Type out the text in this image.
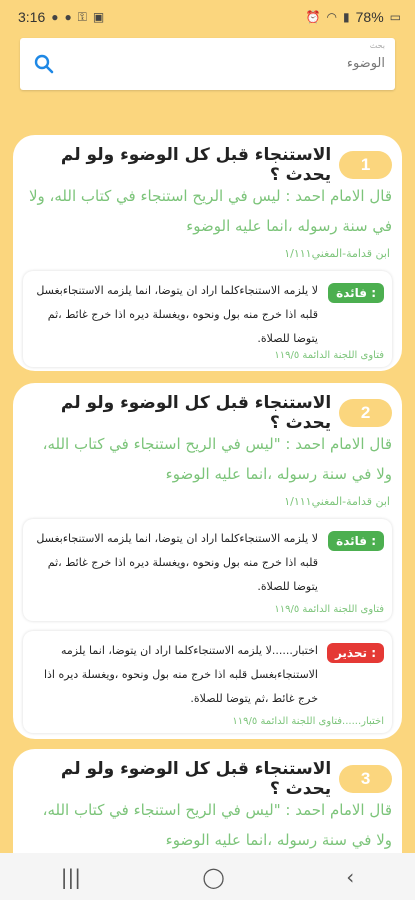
3:16 ● ● ⚿ ▣	⏰ ◠ ▮ 78% ▭
بحث
الوضوء
1
الاستنجاء قبل كل الوضوء ولو لم يحدث ؟
قال الامام احمد : ليس في الريح استنجاء في كتاب الله، ولا في سنة رسوله ،انما عليه الوضوء
ابن قدامة-المغني١/١١١
فائدة :
لا يلزمه الاستنجاءكلما اراد ان يتوضا، انما يلزمه الاستنجاءبغسل قلبه اذا خرج منه بول ونحوه ،ويغسلة ديره اذا خرج غائط ،ثم يتوضا للصلاة.
فتاوى اللجنة الدائمة ١١٩/٥
2
الاستنجاء قبل كل الوضوء ولو لم يحدث ؟
قال الامام احمد : "ليس في الريح استنجاء في كتاب الله، ولا في سنة رسوله ،انما عليه الوضوء
ابن قدامة-المغني١/١١١
فائدة :
لا يلزمه الاستنجاءكلما اراد ان يتوضا، انما يلزمه الاستنجاءبغسل قلبه اذا خرج منه بول ونحوه ،ويغسلة ديره اذا خرج غائط ،ثم يتوضا للصلاة.
فتاوى اللجنة الدائمة ١١٩/٥
تحذير :
اختبار......لا يلزمه الاستنجاءكلما اراد ان يتوضا، انما يلزمه الاستنجاءبغسل قلبه اذا خرج منه بول ونحوه ،ويغسلة ديره اذا خرج غائط ،ثم يتوضا للصلاة.
اختبار......فتاوى اللجنة الدائمة ١١٩/٥
3
الاستنجاء قبل كل الوضوء ولو لم يحدث ؟
قال الامام احمد : "ليس في الريح استنجاء في كتاب الله، ولا في سنة رسوله ،انما عليه الوضوء
|||	◯	‹
